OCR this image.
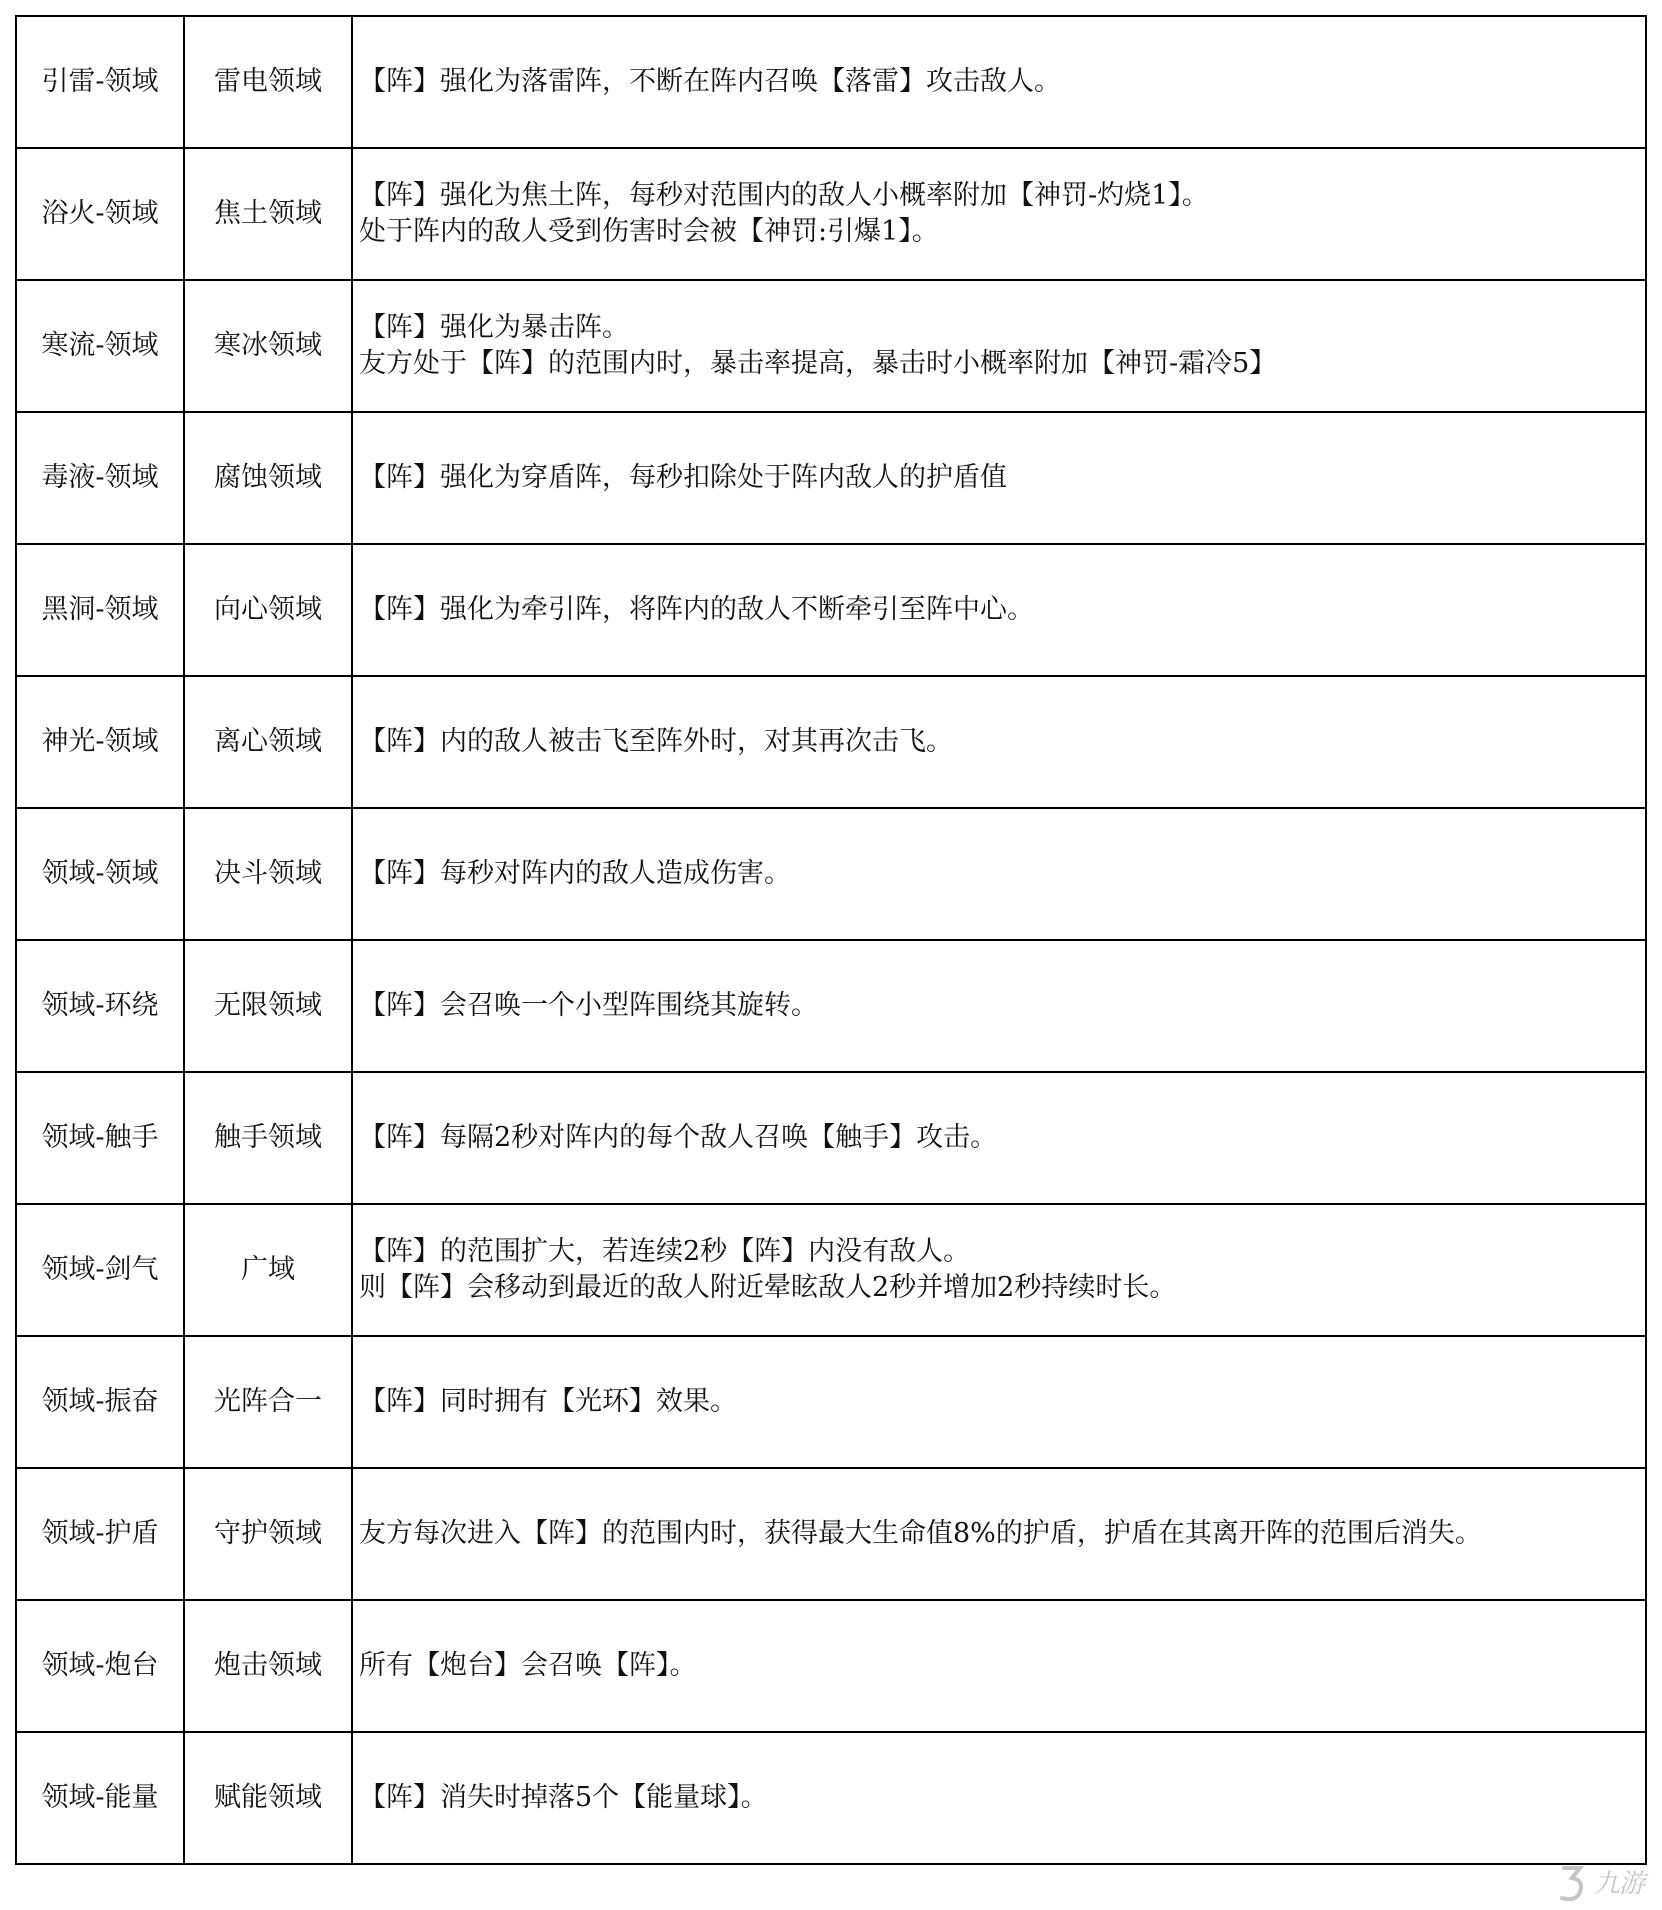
引雷-领域	雷电领域	【阵】强化为落雷阵，不断在阵内召唤【落雷】攻击敌人。

浴火-领域	焦土领域	【阵】强化为焦土阵，每秒对范围内的敌人小概率附加【神罚-灼烧1】。
处于阵内的敌人受到伤害时会被【神罚:引爆1】。

寒流-领域	寒冰领域	【阵】强化为暴击阵。
友方处于【阵】的范围内时，暴击率提高，暴击时小概率附加【神罚-霜冷5】

毒液-领域	腐蚀领域	【阵】强化为穿盾阵，每秒扣除处于阵内敌人的护盾值

黑洞-领域	向心领域	【阵】强化为牵引阵，将阵内的敌人不断牵引至阵中心。

神光-领域	离心领域	【阵】内的敌人被击飞至阵外时，对其再次击飞。

领域-领域	决斗领域	【阵】每秒对阵内的敌人造成伤害。

领域-环绕	无限领域	【阵】会召唤一个小型阵围绕其旋转。

领域-触手	触手领域	【阵】每隔2秒对阵内的每个敌人召唤【触手】攻击。

领域-剑气	广域	【阵】的范围扩大，若连续2秒【阵】内没有敌人。
则【阵】会移动到最近的敌人附近晕眩敌人2秒并增加2秒持续时长。

领域-振奋	光阵合一	【阵】同时拥有【光环】效果。

领域-护盾	守护领域	友方每次进入【阵】的范围内时，获得最大生命值8%的护盾，护盾在其离开阵的范围后消失。

领域-炮台	炮击领域	所有【炮台】会召唤【阵】。

领域-能量	赋能领域	【阵】消失时掉落5个【能量球】。
九游
